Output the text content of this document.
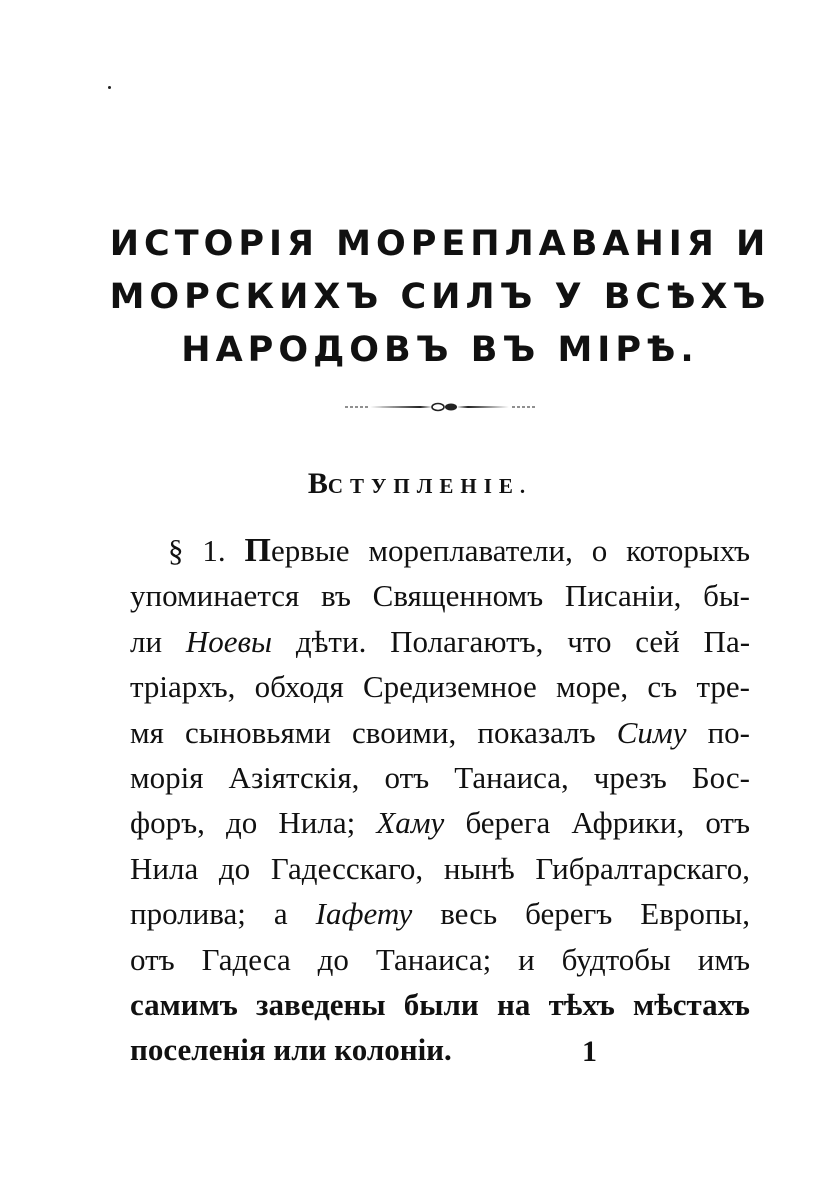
ИСТОРІЯ МОРЕПЛАВАНІЯ И
МОРСКИХЪ СИЛЪ У ВСѢХЪ
НАРОДОВЪ ВЪ МІРѢ.
ВСТУПЛЕНІЕ.
§ 1. Первые мореплаватели, о которыхъ
упоминается въ Священномъ Писаніи, бы-
ли Ноевы дѣти. Полагаютъ, что сей Па-
тріархъ, обходя Средиземное море, съ тре-
мя сыновьями своими, показалъ Симу по-
морія Азіятскія, отъ Танаиса, чрезъ Бос-
форъ, до Нила; Хаму берега Африки, отъ
Нила до Гадесскаго, нынѣ Гибралтарскаго,
пролива; а Іафету весь берегъ Европы,
отъ Гадеса до Танаиса; и будтобы имъ
самимъ заведены были на тѣхъ мѣстахъ
поселенія или колоніи.	1
